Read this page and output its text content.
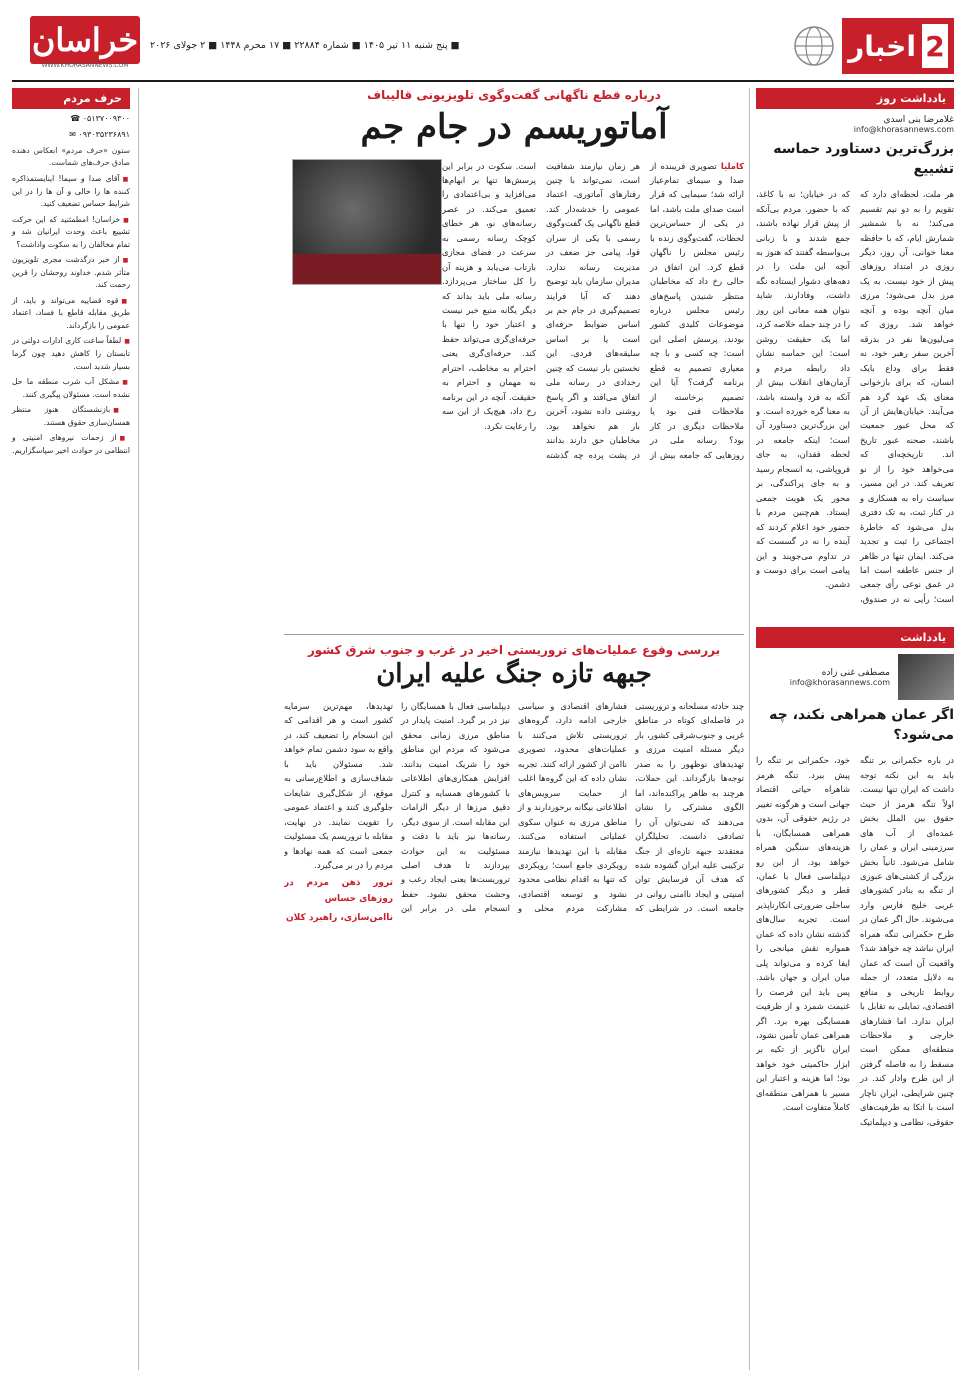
2
اخبار
■ پنج شنبه ۱۱ تیر ۱۴۰۵ ■ شماره ۲۲۸۸۴ ■ ۱۷ محرم ۱۴۴۸ ■ ۲ جولای ۲۰۲۶
خراسان
WWW.KHORASANNEWS.COM
یادداشت روز
غلامرضا بنی اسدی
info@khorasannews.com
بزرگ‌ترین دستاورد حماسه تشییع
هر ملت، لحظه‌ای دارد که تقویم را به دو نیم تقسیم می‌کند؛ نه با شمشیر شمارش ایام، که با حافظه معنا خوانی. آن روز، دیگر روزی در امتداد روزهای پیش از خود نیست. به یک مرز بدل می‌شود؛ مرزی میان آنچه بوده و آنچه خواهد شد. روزی که می‌لیون‌ها نفر در بدرقه آخرین سفر رهبر خود، نه فقط برای وداع بایک انسان، که برای بازخوانی معنای یک عهد گرد هم می‌آیند. خیابان‌هایش از آن که محل عبور جمعیت باشند، صحنه عبور تاریخ اند. تاریخچه‌ای که می‌خواهد خود را از نو تعریف کند. در این مسیر، سیاست راه به هسکاری و در کنار ثبت، به تک دفتری بدل می‌شود که خاطرهٔ اجتماعی را ثبت و تجدید می‌کند. ایمان تنها در ظاهر از جنس عاطفه است اما در عمق نوعی رأی جمعی است؛ رأیی نه در صندوق، که در خیابان؛ نه با کاغذ، که با حضور. مردم بی‌آنکه از پیش قرار نهاده باشند، جمع شدند و با زبانی بی‌واسطه گفتند که هنوز به آنچه این ملت را در دهه‌های دشوار ایستاده نگه داشت، وفادارند. شاید نتوان همه معانی این روز را در چند جمله خلاصه کرد، اما یک حقیقت روشن است: این حماسه نشان داد رابطه مردم و آرمان‌های انقلاب بیش از آنکه به فرد وابسته باشد، به معنا گره خورده است. و این بزرگ‌ترین دستاورد آن است؛ اینکه جامعه در لحظه فقدان، به جای فروپاشی، به انسجام رسید و به جای پراکندگی، بر محور یک هویت جمعی ایستاد. هم‌چنین مردم با حضور خود اعلام کردند که آینده را نه در گسست که در تداوم می‌جویند و این پیامی است برای دوست و دشمن.
یادداشت
مصطفی غنی زاده
info@khorasannews.com
اگر عمان همراهی نکند، چه می‌شود؟
در باره حکمرانی بر تنگه باید به این نکته توجه داشت که ایران تنها نیست. اولاً تنگه هرمز از حیث حقوق بین الملل بخش عمده‌ای از آب های سرزمینی ایران و عمان را شامل می‌شود. ثانیاً بخش بزرگی از کشتی‌های عبوری از تنگه به بنادر کشورهای عربی خلیج فارس وارد می‌شوند. حال اگر عمان در طرح حکمرانی تنگه همراه ایران نباشد چه خواهد شد؟ واقعیت آن است که عمان به دلایل متعدد، از جمله روابط تاریخی و منافع اقتصادی، تمایلی به تقابل با ایران ندارد. اما فشارهای خارجی و ملاحظات منطقه‌ای ممکن است مسقط را به فاصله گرفتن از این طرح وادار کند. در چنین شرایطی، ایران ناچار است با اتکا به ظرفیت‌های حقوقی، نظامی و دیپلماتیک خود، حکمرانی بر تنگه را پیش ببرد. تنگه هرمز شاهراه حیاتی اقتصاد جهانی است و هرگونه تغییر در رژیم حقوقی آن، بدون همراهی همسایگان، با هزینه‌های سنگین همراه خواهد بود. از این رو دیپلماسی فعال با عمان، قطر و دیگر کشورهای ساحلی ضرورتی انکارناپذیر است. تجربه سال‌های گذشته نشان داده که عمان همواره نقش میانجی را ایفا کرده و می‌تواند پلی میان ایران و جهان باشد. پس باید این فرصت را غنیمت شمرد و از ظرفیت همسایگی بهره برد. اگر همراهی عمان تأمین نشود، ایران ناگزیر از تکیه بر ابزار حاکمیتی خود خواهد بود؛ اما هزینه و اعتبار این مسیر با همراهی منطقه‌ای کاملاً متفاوت است.
درباره قطع ناگهانی گفت‌وگوی تلویزیونی قالیباف
آماتوریسم در جام جم
کاملیا تصویری فریبنده از صدا و سیمای تمام‌عیار ارائه شد؛ سیمایی که قرار است صدای ملت باشد، اما در یکی از حساس‌ترین لحظات، گفت‌وگوی زنده با رئیس مجلس را ناگهان قطع کرد. این اتفاق در حالی رخ داد که مخاطبان منتظر شنیدن پاسخ‌های رئیس مجلس درباره موضوعات کلیدی کشور بودند. پرسش اصلی این است: چه کسی و با چه معیاری تصمیم به قطع برنامه گرفت؟ آیا این تصمیم برخاسته از ملاحظات فنی بود یا ملاحظات دیگری در کار بود؟ رسانه ملی در روزهایی که جامعه بیش از هر زمان نیازمند شفافیت است، نمی‌تواند با چنین رفتارهای آماتوری، اعتماد عمومی را خدشه‌دار کند. قطع ناگهانی یک گفت‌وگوی رسمی با یکی از سران قوا، پیامی جز ضعف در مدیریت رسانه ندارد. مدیران سازمان باید توضیح دهند که آیا فرایند تصمیم‌گیری در جام جم بر اساس ضوابط حرفه‌ای است یا بر اساس سلیقه‌های فردی. این نخستین بار نیست که چنین رخدادی در رسانه ملی اتفاق می‌افتد و اگر پاسخ روشنی داده نشود، آخرین بار هم نخواهد بود. مخاطبان حق دارند بدانند در پشت پرده چه گذشته است. سکوت در برابر این پرسش‌ها تنها بر ابهام‌ها می‌افزاید و بی‌اعتمادی را تعمیق می‌کند. در عصر رسانه‌های نو، هر خطای کوچک رسانه رسمی به سرعت در فضای مجازی بازتاب می‌یابد و هزینه آن را کل ساختار می‌پردازد. رسانه ملی باید بداند که دیگر یگانه منبع خبر نیست و اعتبار خود را تنها با حرفه‌ای‌گری می‌تواند حفظ کند. حرفه‌ای‌گری یعنی احترام به مخاطب، احترام به مهمان و احترام به حقیقت. آنچه در این برنامه رخ داد، هیچ‌یک از این سه را رعایت نکرد.
بررسی وقوع عملیات‌های تروریستی اخیر در غرب و جنوب شرق کشور
جبهه تازه جنگ علیه ایران
چند حادثه مسلحانه و تروریستی در فاصله‌ای کوتاه در مناطق غربی و جنوب‌شرقی کشور، بار دیگر مسئله امنیت مرزی و تهدیدهای نوظهور را به صدر توجه‌ها بازگرداند. این حملات، هرچند به ظاهر پراکنده‌اند، اما الگوی مشترکی را نشان می‌دهند که نمی‌توان آن را تصادفی دانست. تحلیلگران معتقدند جبهه تازه‌ای از جنگ ترکیبی علیه ایران گشوده شده که هدف آن فرسایش توان امنیتی و ایجاد ناامنی روانی در جامعه است. در شرایطی که فشارهای اقتصادی و سیاسی خارجی ادامه دارد، گروه‌های تروریستی تلاش می‌کنند با عملیات‌های محدود، تصویری ناامن از کشور ارائه کنند. تجربه نشان داده که این گروه‌ها اغلب از حمایت سرویس‌های اطلاعاتی بیگانه برخوردارند و از مناطق مرزی به عنوان سکوی عملیاتی استفاده می‌کنند. مقابله با این تهدیدها نیازمند رویکردی جامع است؛ رویکردی که تنها به اقدام نظامی محدود نشود و توسعه اقتصادی، مشارکت مردم محلی و دیپلماسی فعال با همسایگان را نیز در بر گیرد. امنیت پایدار در مناطق مرزی زمانی محقق می‌شود که مردم این مناطق خود را شریک امنیت بدانند. افزایش همکاری‌های اطلاعاتی با کشورهای همسایه و کنترل دقیق مرزها از دیگر الزامات این مقابله است. از سوی دیگر، رسانه‌ها نیز باید با دقت و مسئولیت به این حوادث بپردازند تا هدف اصلی تروریست‌ها یعنی ایجاد رعب و وحشت محقق نشود. حفظ انسجام ملی در برابر این تهدیدها، مهم‌ترین سرمایه کشور است و هر اقدامی که این انسجام را تضعیف کند، در واقع به سود دشمن تمام خواهد شد. مسئولان باید با شفاف‌سازی و اطلاع‌رسانی به موقع، از شکل‌گیری شایعات جلوگیری کنند و اعتماد عمومی را تقویت نمایند. در نهایت، مقابله با تروریسم یک مسئولیت جمعی است که همه نهادها و مردم را در بر می‌گیرد.
ترور ذهن مردم در روزهای حساس
ناامن‌سازی، راهبرد کلان
حرف مردم
☎ ۰۵۱۳۷۰۰۹۳۰۰
✉ ۰۹۳۰۳۵۲۳۶۸۹۱
ستون «حرف مردم» انعکاس دهنده صادق حرف‌های شماست.
■ آقای صدا و سیما! اینایستمذاکره کننده ها را خالی و آن ها را در این شرایط حساس تضعیف کنید.
■ خراسان! امطمئنید که این حرکت تشییع باعث وحدت ایرانیان شد و تمام مخالفان را به سکوت واداشت؟
■ از خبر درگذشت مجری تلویزیون متأثر شدم. خداوند روحشان را قرین رحمت کند.
■ قوه قضاییه می‌تواند و باید، از طریق مقابله قاطع با فساد، اعتماد عمومی را بازگرداند.
■ لطفاً ساعت کاری ادارات دولتی در تابستان را کاهش دهید چون گرما بسیار شدید است.
■ مشکل آب شرب منطقه ما حل نشده است. مسئولان پیگیری کنند.
■ بازنشستگان هنوز منتظر همسان‌سازی حقوق هستند.
■ از زحمات نیروهای امنیتی و انتظامی در حوادث اخیر سپاسگزاریم.
